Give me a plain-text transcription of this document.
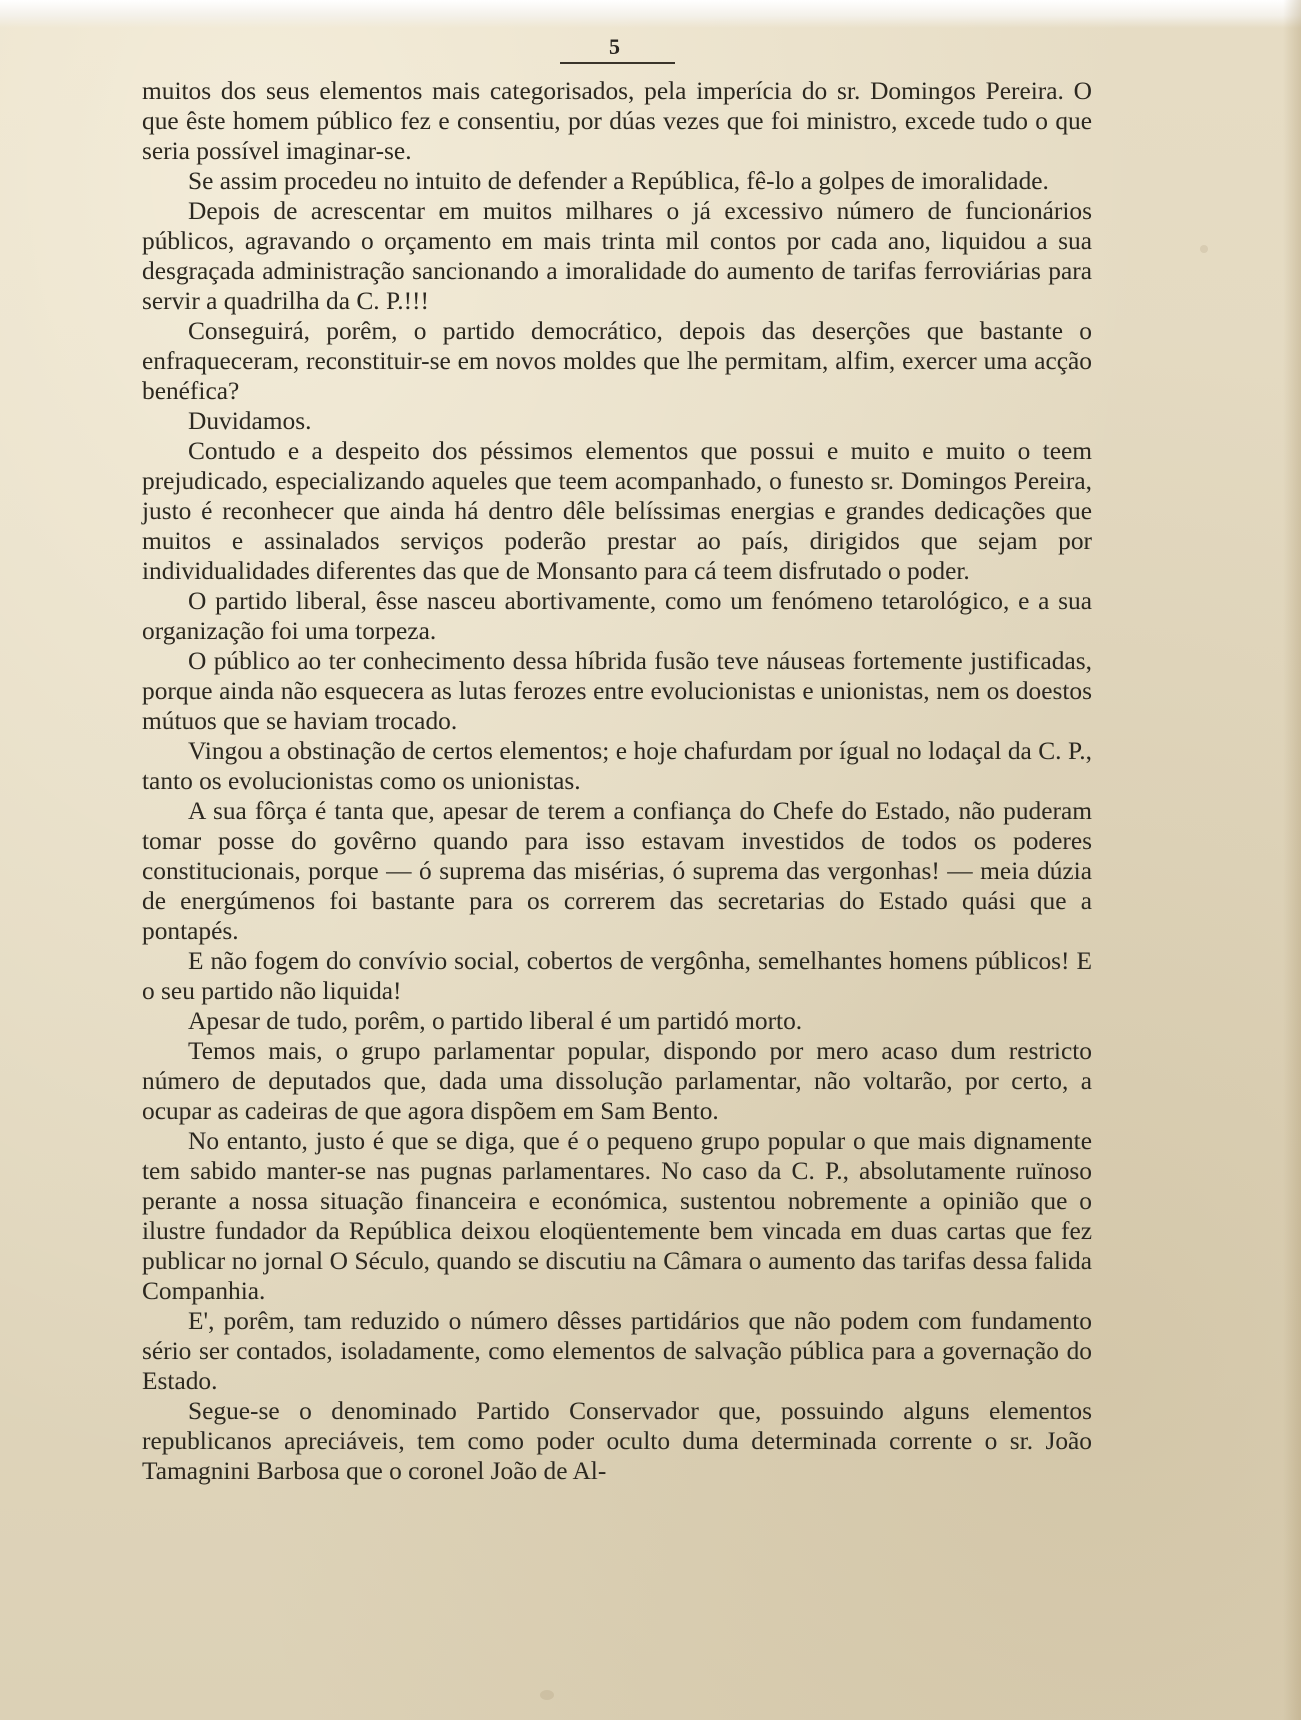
5

muitos dos seus elementos mais categorisados, pela imperícia do sr. Domingos Pereira. O que êste homem público fez e consentiu, por dúas vezes que foi ministro, excede tudo o que seria possível imaginar-se.

Se assim procedeu no intuito de defender a República, fê-lo a golpes de imoralidade.

Depois de acrescentar em muitos milhares o já excessivo número de funcionários públicos, agravando o orçamento em mais trinta mil contos por cada ano, liquidou a sua desgraçada administração sancionando a imoralidade do aumento de tarifas ferroviárias para servir a quadrilha da C. P.!!!

Conseguirá, porêm, o partido democrático, depois das deserções que bastante o enfraqueceram, reconstituir-se em novos moldes que lhe permitam, alfim, exercer uma acção benéfica?

Duvidamos.

Contudo e a despeito dos péssimos elementos que possui e muito e muito o teem prejudicado, especializando aqueles que teem acompanhado, o funesto sr. Domingos Pereira, justo é reconhecer que ainda há dentro dêle belíssimas energias e grandes dedicações que muitos e assinalados serviços poderão prestar ao país, dirigidos que sejam por individualidades diferentes das que de Monsanto para cá teem disfrutado o poder.

O partido liberal, êsse nasceu abortivamente, como um fenómeno tetarológico, e a sua organização foi uma torpeza.

O público ao ter conhecimento dessa híbrida fusão teve náuseas fortemente justificadas, porque ainda não esquecera as lutas ferozes entre evolucionistas e unionistas, nem os doestos mútuos que se haviam trocado.

Vingou a obstinação de certos elementos; e hoje chafurdam por ígual no lodaçal da C. P., tanto os evolucionistas como os unionistas.

A sua fôrça é tanta que, apesar de terem a confiança do Chefe do Estado, não puderam tomar posse do govêrno quando para isso estavam investidos de todos os poderes constitucionais, porque — ó suprema das misérias, ó suprema das vergonhas! — meia dúzia de energúmenos foi bastante para os correrem das secretarias do Estado quási que a pontapés.

E não fogem do convívio social, cobertos de vergônha, semelhantes homens públicos! E o seu partido não liquida!

Apesar de tudo, porêm, o partido liberal é um partidó morto.

Temos mais, o grupo parlamentar popular, dispondo por mero acaso dum restricto número de deputados que, dada uma dissolução parlamentar, não voltarão, por certo, a ocupar as cadeiras de que agora dispõem em Sam Bento.

No entanto, justo é que se diga, que é o pequeno grupo popular o que mais dignamente tem sabido manter-se nas pugnas parlamentares. No caso da C. P., absolutamente ruïnoso perante a nossa situação financeira e económica, sustentou nobremente a opinião que o ilustre fundador da República deixou eloqüentemente bem vincada em duas cartas que fez publicar no jornal O Século, quando se discutiu na Câmara o aumento das tarifas dessa falida Companhia.

E', porêm, tam reduzido o número dêsses partidários que não podem com fundamento sério ser contados, isoladamente, como elementos de salvação pública para a governação do Estado.

Segue-se o denominado Partido Conservador que, possuindo alguns elementos republicanos apreciáveis, tem como poder oculto duma determinada corrente o sr. João Tamagnini Barbosa que o coronel João de Al-
